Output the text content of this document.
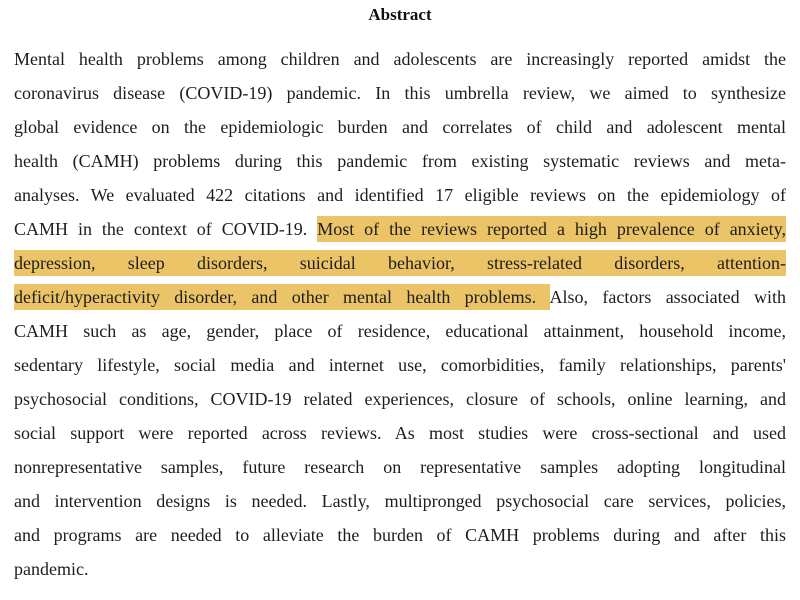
Abstract
Mental health problems among children and adolescents are increasingly reported amidst the
coronavirus disease (COVID-19) pandemic. In this umbrella review, we aimed to synthesize
global evidence on the epidemiologic burden and correlates of child and adolescent mental
health (CAMH) problems during this pandemic from existing systematic reviews and meta-
analyses. We evaluated 422 citations and identified 17 eligible reviews on the epidemiology of
CAMH in the context of COVID-19. Most of the reviews reported a high prevalence of anxiety,
depression, sleep disorders, suicidal behavior, stress-related disorders, attention-
deficit/hyperactivity disorder, and other mental health problems. Also, factors associated with
CAMH such as age, gender, place of residence, educational attainment, household income,
sedentary lifestyle, social media and internet use, comorbidities, family relationships, parents'
psychosocial conditions, COVID-19 related experiences, closure of schools, online learning, and
social support were reported across reviews. As most studies were cross-sectional and used
nonrepresentative samples, future research on representative samples adopting longitudinal
and intervention designs is needed. Lastly, multipronged psychosocial care services, policies,
and programs are needed to alleviate the burden of CAMH problems during and after this
pandemic.
